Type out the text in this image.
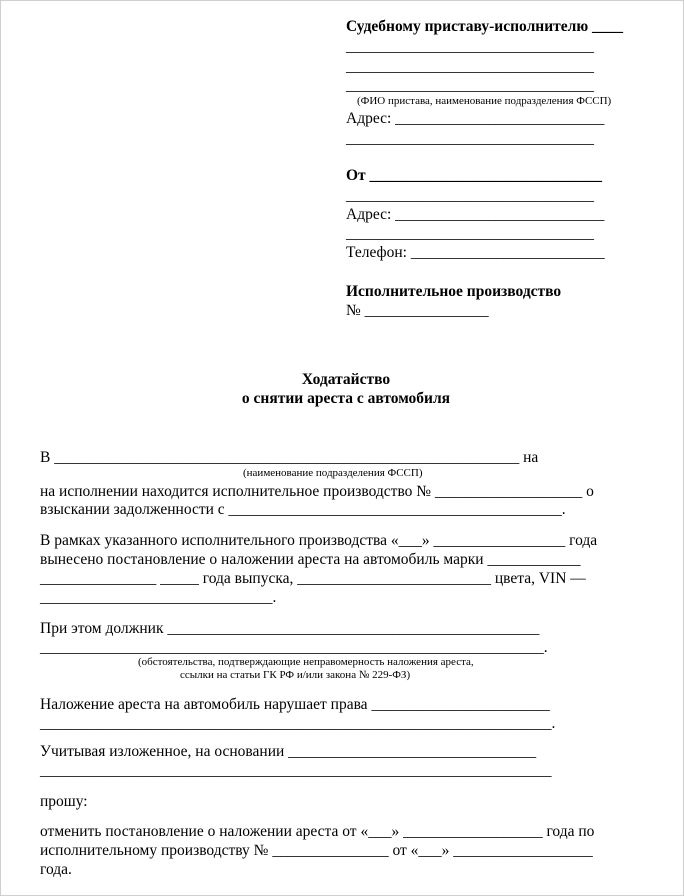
Судебному приставу-исполнителю ____
________________________________
________________________________
________________________________
(ФИО пристава, наименование подразделения ФССП)
Адрес: ___________________________
________________________________
От ______________________________
________________________________
Адрес: ___________________________
________________________________
Телефон: _________________________
Исполнительное производство
№ ________________
Ходатайство
о снятии ареста с автомобиля
В ____________________________________________________________ на
(наименование подразделения ФССП)
на исполнении находится исполнительное производство № ___________________ о
взыскании задолженности с ___________________________________________.
В рамках указанного исполнительного производства «___» _________________ года
вынесено постановление о наложении ареста на автомобиль марки ____________
_______________ _____ года выпуска, _________________________ цвета, VIN —
______________________________.
При этом должник ________________________________________________
_________________________________________________________________.
(обстоятельства, подтверждающие неправомерность наложения ареста,
ссылки на статьи ГК РФ и/или закона № 229-ФЗ)
Наложение ареста на автомобиль нарушает права _______________________
__________________________________________________________________.
Учитывая изложенное, на основании ________________________________
__________________________________________________________________
прошу:
отменить постановление о наложении ареста от «___» __________________ года по
исполнительному производству № _______________ от «___» __________________
года.
